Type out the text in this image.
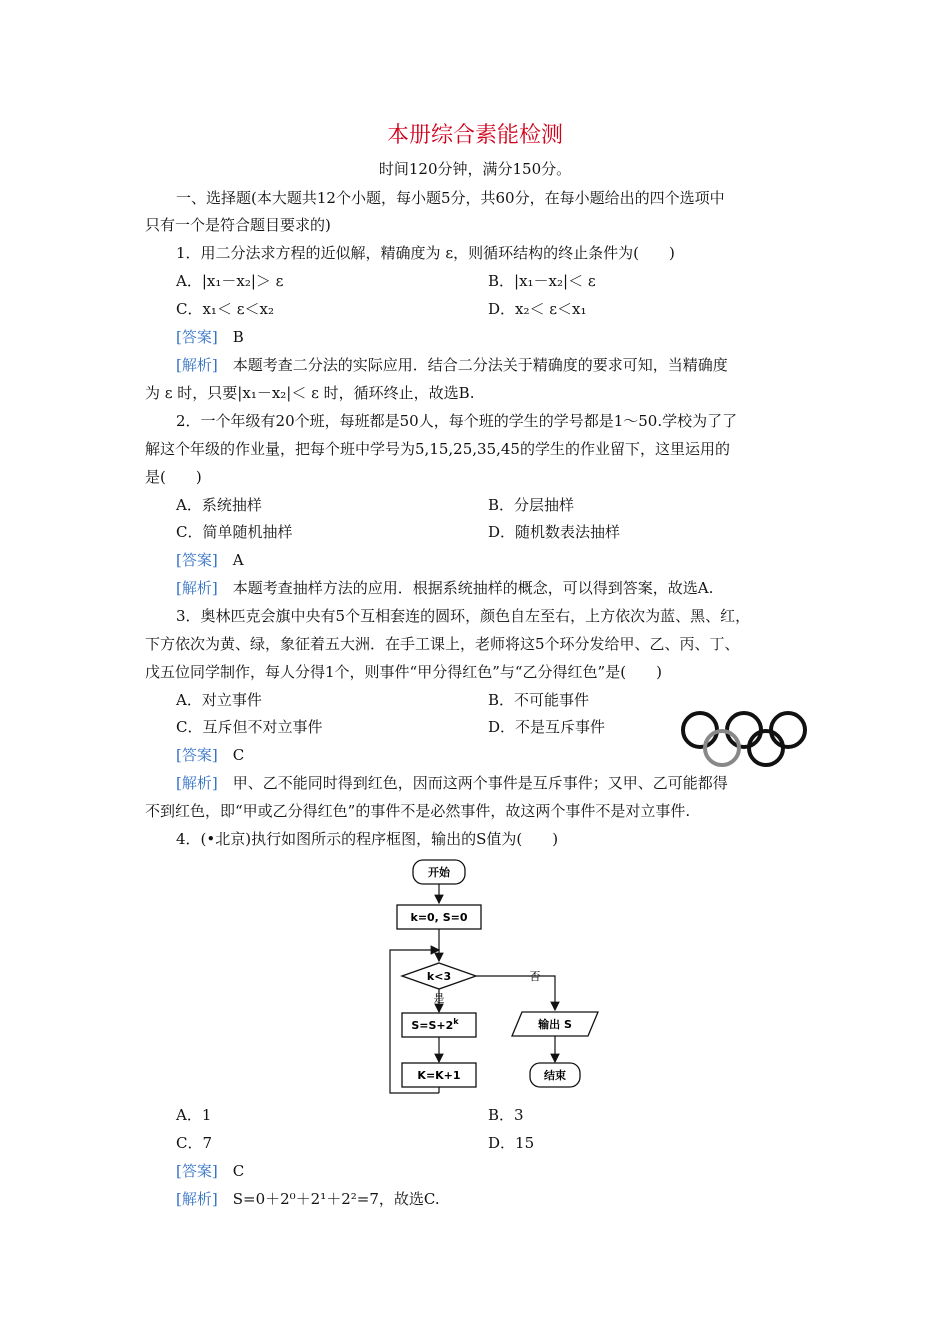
本册综合素能检测
时间120分钟，满分150分。
一、选择题(本大题共12个小题，每小题5分，共60分，在每小题给出的四个选项中
只有一个是符合题目要求的)
1．用二分法求方程的近似解，精确度为 ε，则循环结构的终止条件为(　　)
A．|x₁－x₂|＞ ε	B．|x₁－x₂|＜ ε
C．x₁＜ ε＜x₂	D．x₂＜ ε＜x₁
[答案]　 B
[解析]　 本题考查二分法的实际应用．结合二分法关于精确度的要求可知，当精确度
为 ε 时，只要|x₁－x₂|＜ ε 时，循环终止，故选B.
2．一个年级有20个班，每班都是50人，每个班的学生的学号都是1～50.学校为了了
解这个年级的作业量，把每个班中学号为5,15,25,35,45的学生的作业留下，这里运用的
是(　　)
A．系统抽样	B．分层抽样
C．简单随机抽样	D．随机数表法抽样
[答案]　 A
[解析]　 本题考查抽样方法的应用．根据系统抽样的概念，可以得到答案，故选A.
3．奥林匹克会旗中央有5个互相套连的圆环，颜色自左至右，上方依次为蓝、黑、红，
下方依次为黄、绿，象征着五大洲．在手工课上，老师将这5个环分发给甲、乙、丙、丁、
戊五位同学制作，每人分得1个，则事件“甲分得红色”与“乙分得红色”是(　　)
A．对立事件	B．不可能事件
C．互斥但不对立事件	D．不是互斥事件
[答案]　 C
[解析]　 甲、乙不能同时得到红色，因而这两个事件是互斥事件；又甲、乙可能都得
不到红色，即“甲或乙分得红色”的事件不是必然事件，故这两个事件不是对立事件.
4．(•北京)执行如图所示的程序框图，输出的S值为(　　)
开始
k=0, S=0
k<3	否
是
$S=S+2^k$
K=K+1
输出 S
结束
A．1	B．3
C．7	D．15
[答案]　 C
[解析]　 S=0＋2⁰＋2¹＋2²=7，故选C.
